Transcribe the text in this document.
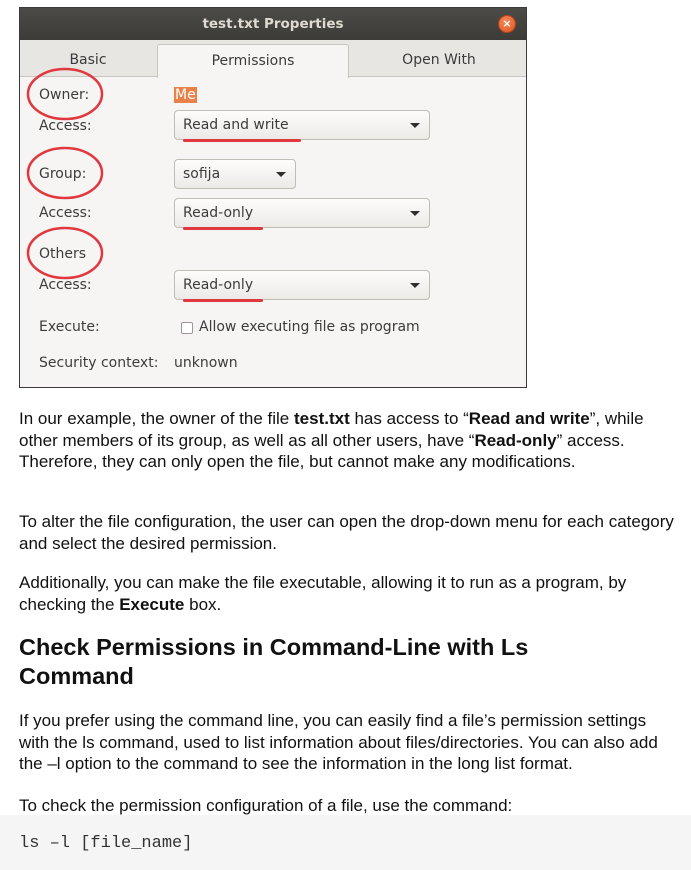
test.txt Properties	×
Basic	Permissions	Open With
Owner:	Me
Access:	Read and write
Group:	sofija
Access:	Read-only
Others
Access:	Read-only
Execute:	Allow executing file as program
Security context: unknown

In our example, the owner of the file test.txt has access to “Read and write”, while other members of its group, as well as all other users, have “Read-only” access. Therefore, they can only open the file, but cannot make any modifications.

To alter the file configuration, the user can open the drop-down menu for each category and select the desired permission.

Additionally, you can make the file executable, allowing it to run as a program, by checking the Execute box.

Check Permissions in Command-Line with Ls Command

If you prefer using the command line, you can easily find a file’s permission settings with the ls command, used to list information about files/directories. You can also add the –l option to the command to see the information in the long list format.

To check the permission configuration of a file, use the command:

ls –l [file_name]
